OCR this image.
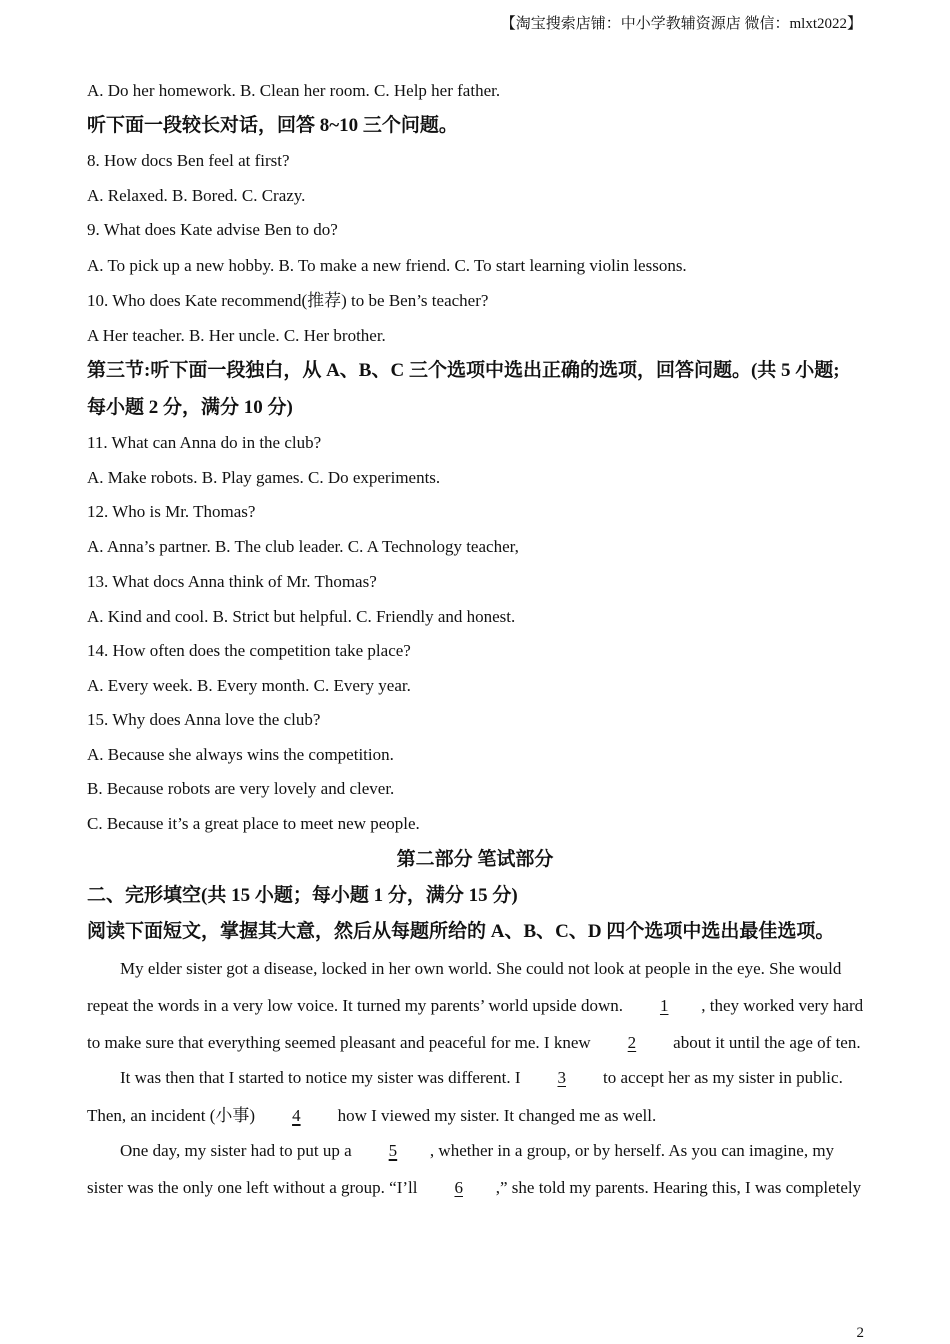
【淘宝搜索店铺：中小学教辅资源店 微信：mlxt2022】
A. Do her homework. B. Clean her room. C. Help her father.
听下面一段较长对话，回答 8~10 三个问题。
8. How docs Ben feel at first?
A. Relaxed. B. Bored. C. Crazy.
9. What does Kate advise Ben to do?
A. To pick up a new hobby. B. To make a new friend. C. To start learning violin lessons.
10. Who does Kate recommend(推荐) to be Ben’s teacher?
A Her teacher. B. Her uncle. C. Her brother.
第三节:听下面一段独白，从 A、B、C 三个选项中选出正确的选项，回答问题。(共 5 小题;
每小题 2 分，满分 10 分)
11. What can Anna do in the club?
A. Make robots. B. Play games. C. Do experiments.
12. Who is Mr. Thomas?
A. Anna’s partner. B. The club leader. C. A Technology teacher,
13. What docs Anna think of Mr. Thomas?
A. Kind and cool. B. Strict but helpful. C. Friendly and honest.
14. How often does the competition take place?
A. Every week. B. Every month. C. Every year.
15. Why does Anna love the club?
A. Because she always wins the competition.
B. Because robots are very lovely and clever.
C. Because it’s a great place to meet new people.
第二部分 笔试部分
二、完形填空(共 15 小题；每小题 1 分，满分 15 分)
阅读下面短文，掌握其大意，然后从每题所给的 A、B、C、D 四个选项中选出最佳选项。
My elder sister got a disease, locked in her own world. She could not look at people in the eye. She would
repeat the words in a very low voice. It turned my parents’ world upside down. 1 , they worked very hard
to make sure that everything seemed pleasant and peaceful for me. I knew 2 about it until the age of ten.
It was then that I started to notice my sister was different. I 3 to accept her as my sister in public.
Then, an incident (小事) 4 how I viewed my sister. It changed me as well.
One day, my sister had to put up a 5 , whether in a group, or by herself. As you can imagine, my
sister was the only one left without a group. “I’ll 6 ,” she told my parents. Hearing this, I was completely
2
